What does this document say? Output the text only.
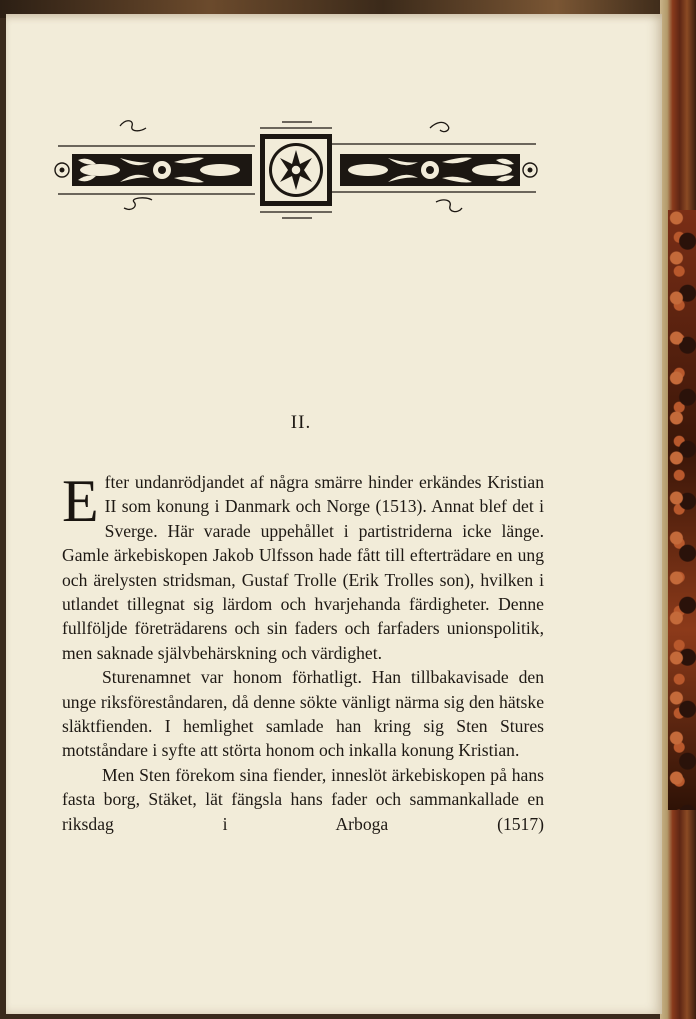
II.

Efter undanrödjandet af några smärre hinder erkändes Kristian II som konung i Danmark och Norge (1513). Annat blef det i Sverge. Här varade uppehållet i partistriderna icke länge. Gamle ärkebiskopen Jakob Ulfsson hade fått till efterträdare en ung och ärelysten stridsman, Gustaf Trolle (Erik Trolles son), hvilken i utlandet tillegnat sig lärdom och hvarjehanda färdigheter. Denne fullföljde företrädarens och sin faders och farfaders unionspolitik, men saknade självbehärskning och värdighet.

Sturenamnet var honom förhatligt. Han tillbakavisade den unge riksföreståndaren, då denne sökte vänligt närma sig den hätske släktfienden. I hemlighet samlade han kring sig Sten Stures motståndare i syfte att störta honom och inkalla konung Kristian.

Men Sten förekom sina fiender, inneslöt ärkebiskopen på hans fasta borg, Stäket, lät fängsla hans fader och sammankallade en riksdag i Arboga (1517)
